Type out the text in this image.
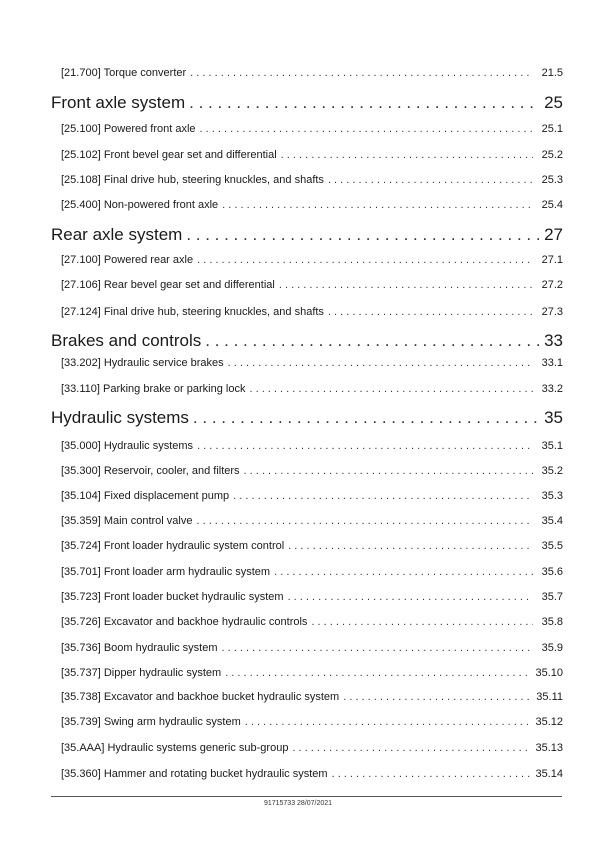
[21.700] Torque converter . . .	21.5
Front axle system . . .	25
[25.100] Powered front axle . . .	25.1
[25.102] Front bevel gear set and differential . . .	25.2
[25.108] Final drive hub, steering knuckles, and shafts . . .	25.3
[25.400] Non-powered front axle . . .	25.4
Rear axle system . . .	27
[27.100] Powered rear axle . . .	27.1
[27.106] Rear bevel gear set and differential . . .	27.2
[27.124] Final drive hub, steering knuckles, and shafts . . .	27.3
Brakes and controls . . .	33
[33.202] Hydraulic service brakes . . .	33.1
[33.110] Parking brake or parking lock . . .	33.2
Hydraulic systems . . .	35
[35.000] Hydraulic systems . . .	35.1
[35.300] Reservoir, cooler, and filters . . .	35.2
[35.104] Fixed displacement pump . . .	35.3
[35.359] Main control valve . . .	35.4
[35.724] Front loader hydraulic system control . . .	35.5
[35.701] Front loader arm hydraulic system . . .	35.6
[35.723] Front loader bucket hydraulic system . . .	35.7
[35.726] Excavator and backhoe hydraulic controls . . .	35.8
[35.736] Boom hydraulic system . . .	35.9
[35.737] Dipper hydraulic system . . .	35.10
[35.738] Excavator and backhoe bucket hydraulic system . . .	35.11
[35.739] Swing arm hydraulic system . . .	35.12
[35.AAA] Hydraulic systems generic sub-group . . .	35.13
[35.360] Hammer and rotating bucket hydraulic system . . .	35.14
91715733 28/07/2021
